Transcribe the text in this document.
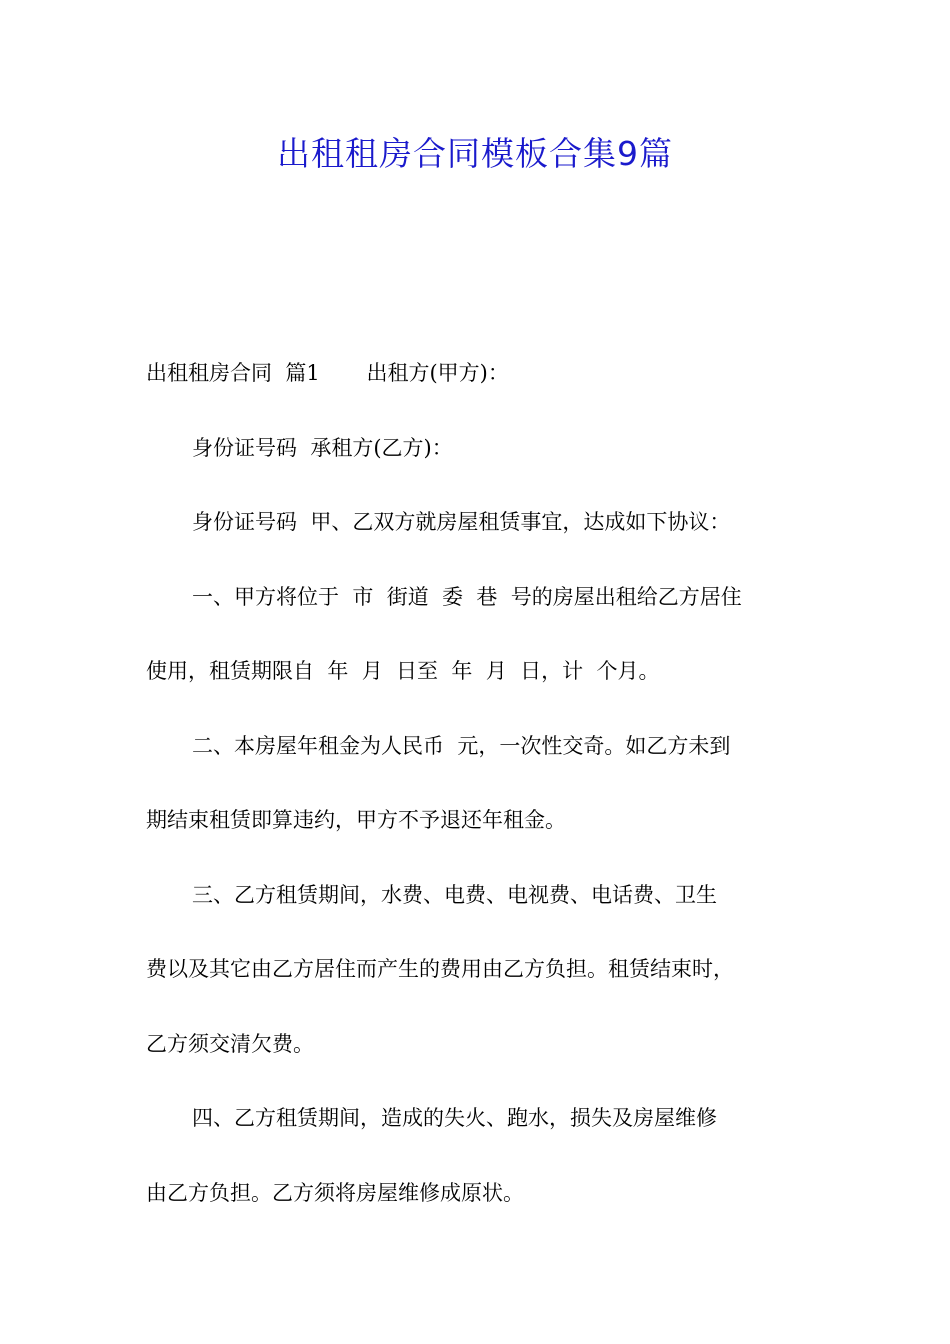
出租租房合同模板合集9篇
出租租房合同  篇1       出租方(甲方)：
身份证号码  承租方(乙方)：
身份证号码  甲、乙双方就房屋租赁事宜，达成如下协议：
一、甲方将位于  市  街道  委  巷  号的房屋出租给乙方居住
使用，租赁期限自  年  月  日至  年  月  日，计  个月。
二、本房屋年租金为人民币  元，一次性交奇。如乙方未到
期结束租赁即算违约，甲方不予退还年租金。
三、乙方租赁期间，水费、电费、电视费、电话费、卫生
费以及其它由乙方居住而产生的费用由乙方负担。租赁结束时，
乙方须交清欠费。
四、乙方租赁期间，造成的失火、跑水，损失及房屋维修
由乙方负担。乙方须将房屋维修成原状。
